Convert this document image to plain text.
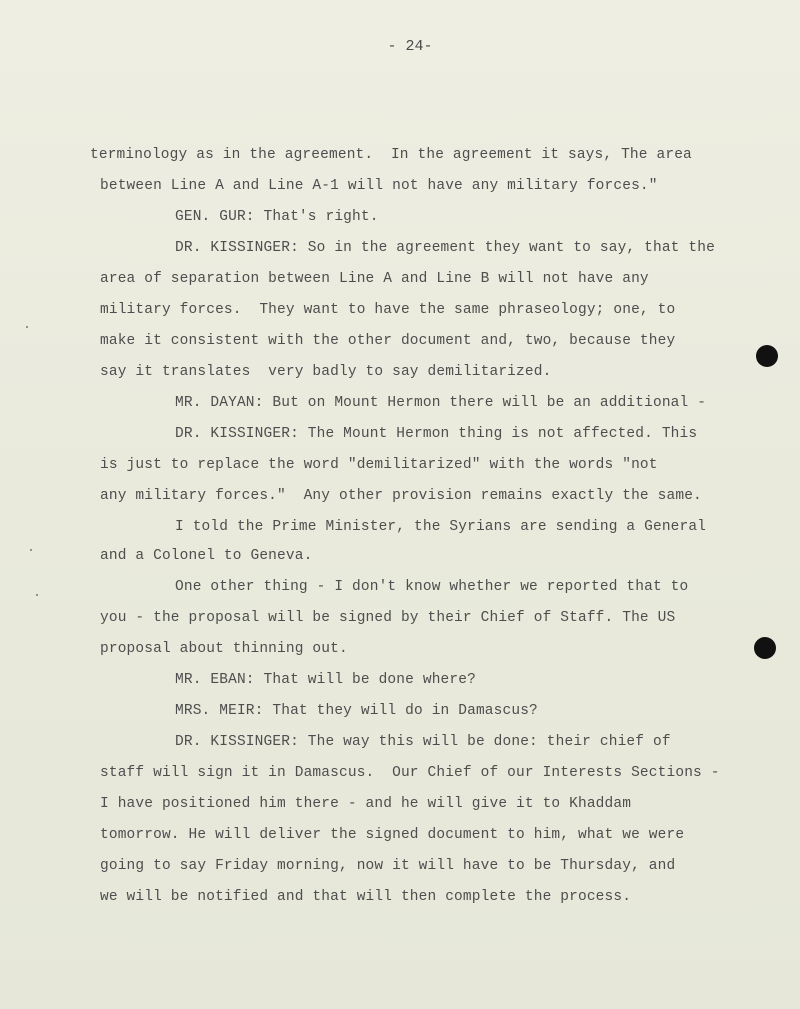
- 24-
terminology as in the agreement.  In the agreement it says, The area
between Line A and Line A-1 will not have any military forces."
GEN. GUR: That's right.
DR. KISSINGER: So in the agreement they want to say, that the
area of separation between Line A and Line B will not have any
military forces.  They want to have the same phraseology; one, to
make it consistent with the other document and, two, because they
say it translates  very badly to say demilitarized.
MR. DAYAN: But on Mount Hermon there will be an additional -
DR. KISSINGER: The Mount Hermon thing is not affected. This
is just to replace the word "demilitarized" with the words "not
any military forces."  Any other provision remains exactly the same.
I told the Prime Minister, the Syrians are sending a General
and a Colonel to Geneva.
One other thing - I don't know whether we reported that to
you - the proposal will be signed by their Chief of Staff. The US
proposal about thinning out.
MR. EBAN: That will be done where?
MRS. MEIR: That they will do in Damascus?
DR. KISSINGER: The way this will be done: their chief of
staff will sign it in Damascus.  Our Chief of our Interests Sections -
I have positioned him there - and he will give it to Khaddam
tomorrow. He will deliver the signed document to him, what we were
going to say Friday morning, now it will have to be Thursday, and
we will be notified and that will then complete the process.
